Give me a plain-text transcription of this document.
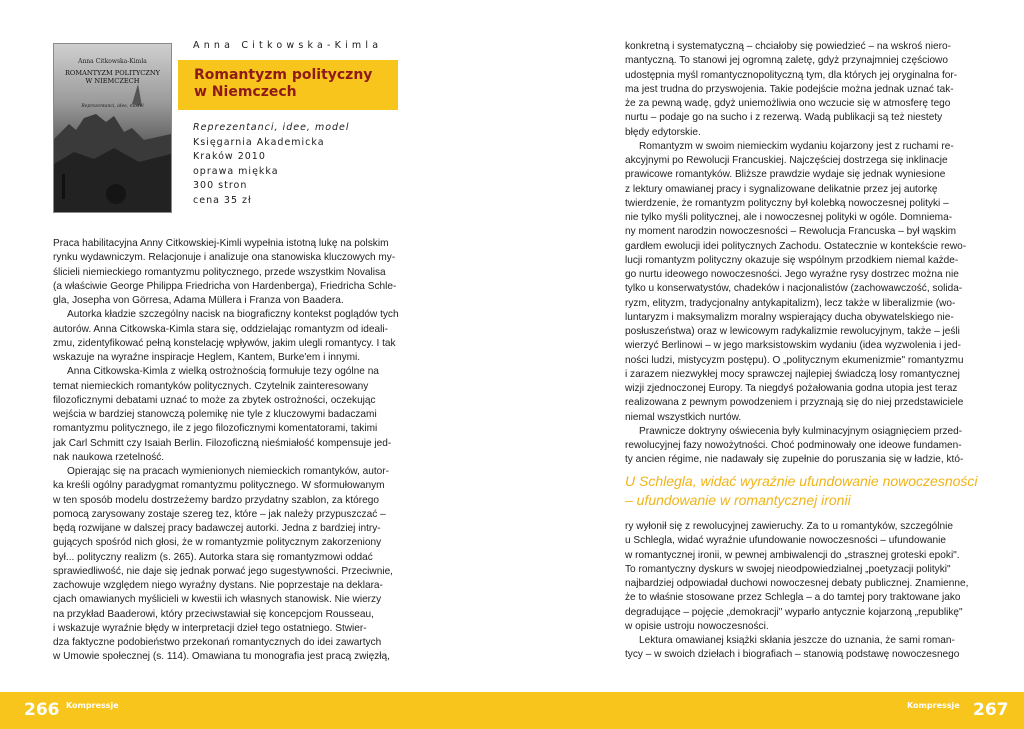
Anna Citkowska-Kimla
ROMANTYZM POLITYCZNY
W NIEMCZECH
Reprezentanci, idee, model
Anna Citkowska-Kimla
Romantyzm polityczny
w Niemczech
Reprezentanci, idee, model
Księgarnia Akademicka
Kraków 2010
oprawa miękka
300 stron
cena 35 zł

Praca habilitacyjna Anny Citkowskiej-Kimli wypełnia istotną lukę na polskim

rynku wydawniczym. Relacjonuje i analizuje ona stanowiska kluczowych my-

ślicieli niemieckiego romantyzmu politycznego, przede wszystkim Novalisa

(a właściwie George Philippa Friedricha von Hardenberga), Friedricha Schle-

gla, Josepha von Görresa, Adama Müllera i Franza von Baadera.

Autorka kładzie szczególny nacisk na biograficzny kontekst poglądów tych

autorów. Anna Citkowska-Kimla stara się, oddzielając romantyzm od ideali-

zmu, zidentyfikować pełną konstelację wpływów, jakim ulegli romantycy. I tak

wskazuje na wyraźne inspiracje Heglem, Kantem, Burke'em i innymi.

Anna Citkowska-Kimla z wielką ostrożnością formułuje tezy ogólne na

temat niemieckich romantyków politycznych. Czytelnik zainteresowany

filozoficznymi debatami uznać to może za zbytek ostrożności, oczekując

wejścia w bardziej stanowczą polemikę nie tyle z kluczowymi badaczami

romantyzmu politycznego, ile z jego filozoficznymi komentatorami, takimi

jak Carl Schmitt czy Isaiah Berlin. Filozoficzną nieśmiałość kompensuje jed-

nak naukowa rzetelność.

Opierając się na pracach wymienionych niemieckich romantyków, autor-

ka kreśli ogólny paradygmat romantyzmu politycznego. W sformułowanym

w ten sposób modelu dostrzeżemy bardzo przydatny szablon, za którego

pomocą zarysowany zostaje szereg tez, które – jak należy przypuszczać –

będą rozwijane w dalszej pracy badawczej autorki. Jedna z bardziej intry-

gujących spośród nich głosi, że w romantyzmie politycznym zakorzeniony

był... polityczny realizm (s. 265). Autorka stara się romantyzmowi oddać

sprawiedliwość, nie daje się jednak porwać jego sugestywności. Przeciwnie,

zachowuje względem niego wyraźny dystans. Nie poprzestaje na deklara-

cjach omawianych myślicieli w kwestii ich własnych stanowisk. Nie wierzy

na przykład Baaderowi, który przeciwstawiał się koncepcjom Rousseau,

i wskazuje wyraźnie błędy w interpretacji dzieł tego ostatniego. Stwier-

dza faktyczne podobieństwo przekonań romantycznych do idei zawartych

w Umowie społecznej (s. 114). Omawiana tu monografia jest pracą zwięzłą,

konkretną i systematyczną – chciałoby się powiedzieć – na wskroś niero-

mantyczną. To stanowi jej ogromną zaletę, gdyż przynajmniej częściowo

udostępnia myśl romantycznopolityczną tym, dla których jej oryginalna for-

ma jest trudna do przyswojenia. Takie podejście można jednak uznać tak-

że za pewną wadę, gdyż uniemożliwia ono wczucie się w atmosferę tego

nurtu – podaje go na sucho i z rezerwą. Wadą publikacji są też niestety

błędy edytorskie.

Romantyzm w swoim niemieckim wydaniu kojarzony jest z ruchami re-

akcyjnymi po Rewolucji Francuskiej. Najczęściej dostrzega się inklinacje

prawicowe romantyków. Bliższe prawdzie wydaje się jednak wyniesione

z lektury omawianej pracy i sygnalizowane delikatnie przez jej autorkę

twierdzenie, że romantyzm polityczny był kolebką nowoczesnej polityki –

nie tylko myśli politycznej, ale i nowoczesnej polityki w ogóle. Domniema-

ny moment narodzin nowoczesności – Rewolucja Francuska – był wąskim

gardłem ewolucji idei politycznych Zachodu. Ostatecznie w kontekście rewo-

lucji romantyzm polityczny okazuje się wspólnym przodkiem niemal każde-

go nurtu ideowego nowoczesności. Jego wyraźne rysy dostrzec można nie

tylko u konserwatystów, chadeków i nacjonalistów (zachowawczość, solida-

ryzm, elityzm, tradycjonalny antykapitalizm), lecz także w liberalizmie (wo-

luntaryzm i maksymalizm moralny wspierający ducha obywatelskiego nie-

posłuszeństwa) oraz w lewicowym radykalizmie rewolucyjnym, także – jeśli

wierzyć Berlinowi – w jego marksistowskim wydaniu (idea wyzwolenia i jed-

ności ludzi, mistycyzm postępu). O „politycznym ekumenizmie" romantyzmu

i zarazem niezwykłej mocy sprawczej najlepiej świadczą losy romantycznej

wizji zjednoczonej Europy. Ta niegdyś pożałowania godna utopia jest teraz

realizowana z pewnym powodzeniem i przyznają się do niej przedstawiciele

niemal wszystkich nurtów.

Prawnicze doktryny oświecenia były kulminacyjnym osiągnięciem przed-

rewolucyjnej fazy nowożytności. Choć podminowały one ideowe fundamen-

ty ancien régime, nie nadawały się zupełnie do poruszania się w ładzie, któ-

U Schlegla, widać wyraźnie ufundowanie nowoczesności
– ufundowanie w romantycznej ironii

ry wyłonił się z rewolucyjnej zawieruchy. Za to u romantyków, szczególnie

u Schlegla, widać wyraźnie ufundowanie nowoczesności – ufundowanie

w romantycznej ironii, w pewnej ambiwalencji do „strasznej groteski epoki".

To romantyczny dyskurs w swojej nieodpowiedzialnej „poetyzacji polityki"

najbardziej odpowiadał duchowi nowoczesnej debaty publicznej. Znamienne,

że to właśnie stosowane przez Schlegla – a do tamtej pory traktowane jako

degradujące – pojęcie „demokracji" wyparło antycznie kojarzoną „republikę"

w opisie ustroju nowoczesności.

Lektura omawianej książki skłania jeszcze do uznania, że sami roman-

tycy – w swoich dziełach i biografiach – stanowią podstawę nowoczesnego

266 Kompressje	Kompressje 267
